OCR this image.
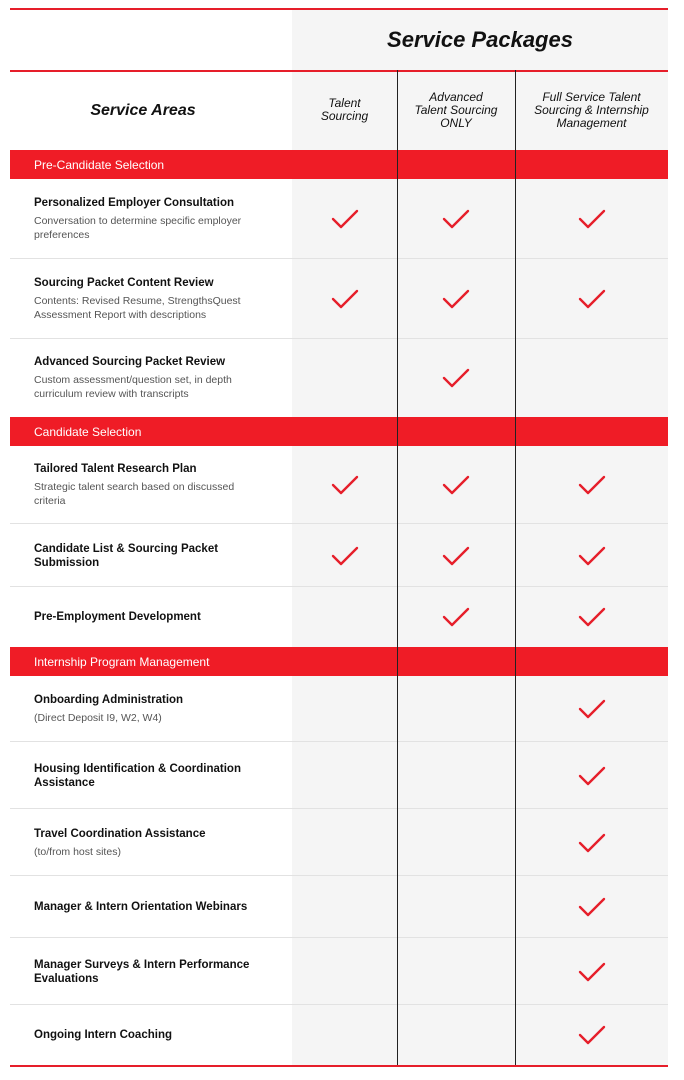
Service Packages
Service Areas	Talent
Sourcing
Advanced
Talent Sourcing
ONLY
Full Service Talent
Sourcing & Internship
Management
Pre-Candidate Selection
Personalized Employer Consultation
Conversation to determine specific employer
preferences
Sourcing Packet Content Review
Contents: Revised Resume, StrengthsQuest
Assessment Report with descriptions
Advanced Sourcing Packet Review
Custom assessment/question set, in depth
curriculum review with transcripts
Candidate Selection
Tailored Talent Research Plan
Strategic talent search based on discussed
criteria
Candidate List & Sourcing Packet
Submission
Pre-Employment Development
Internship Program Management
Onboarding Administration
(Direct Deposit I9, W2, W4)
Housing Identification & Coordination
Assistance
Travel Coordination Assistance
(to/from host sites)
Manager & Intern Orientation Webinars
Manager Surveys & Intern Performance
Evaluations
Ongoing Intern Coaching
